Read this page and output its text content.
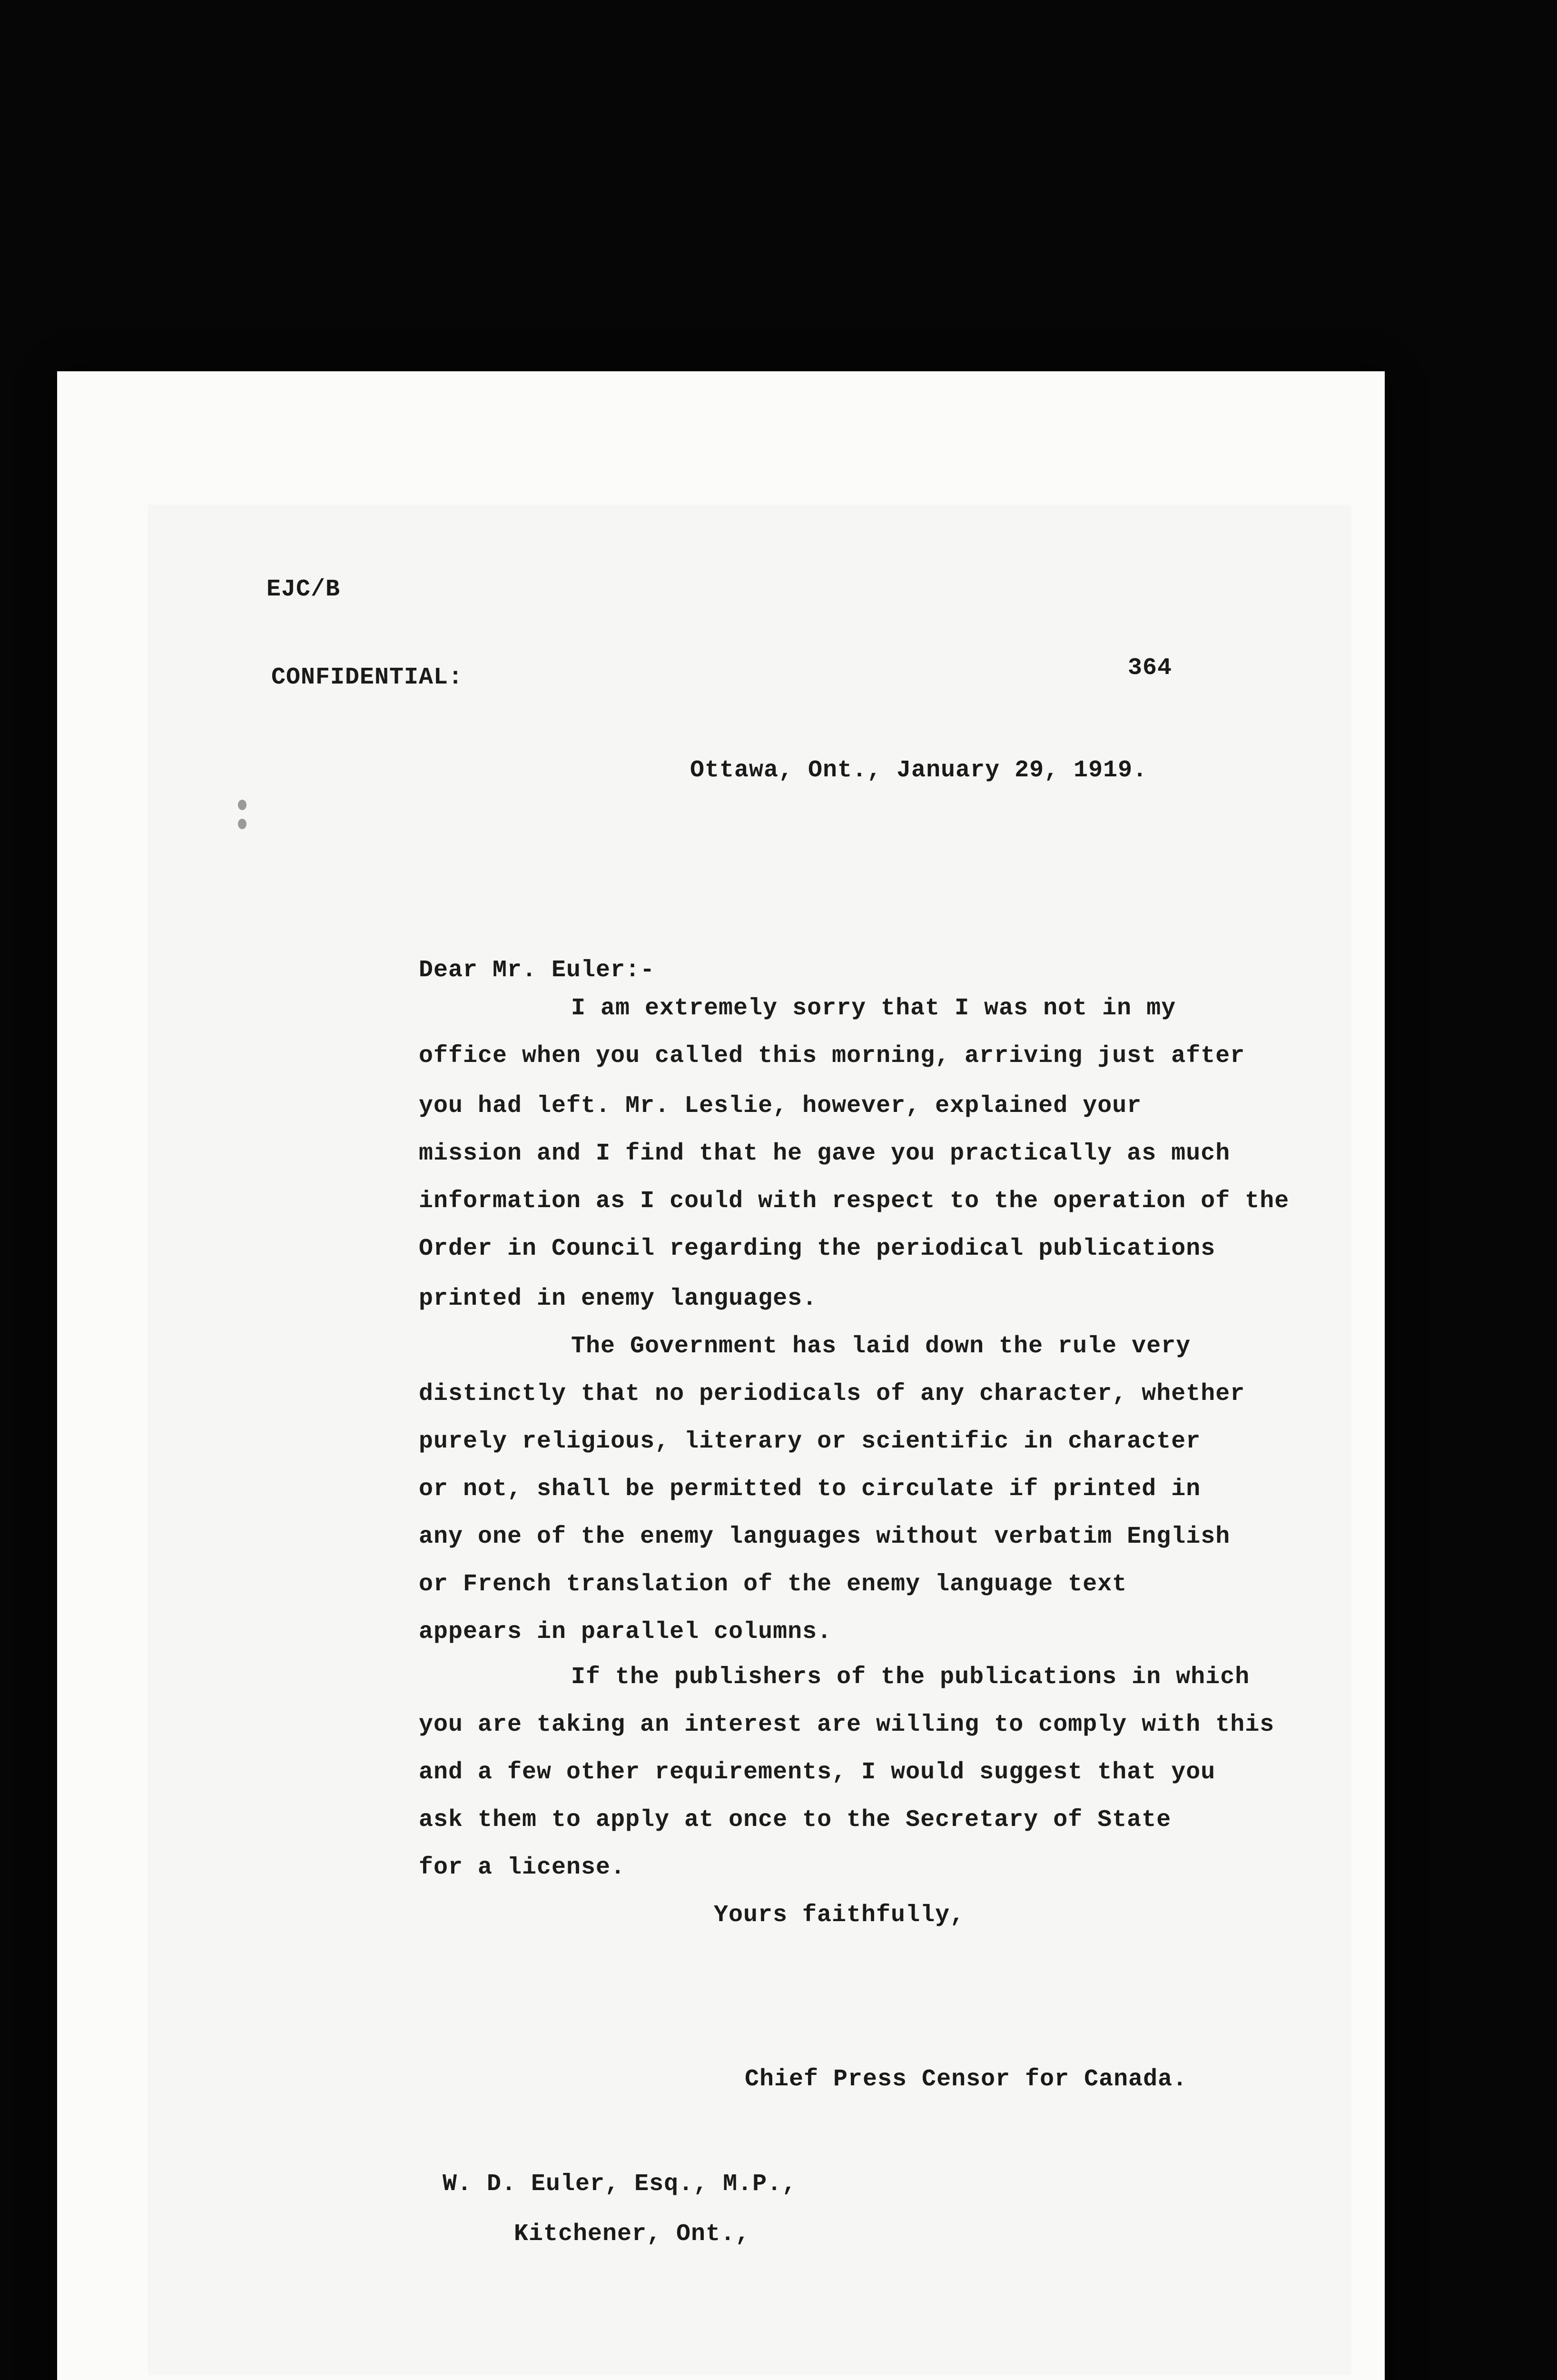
EJC/B
CONFIDENTIAL:	364
Ottawa, Ont., January 29, 1919.
Dear Mr. Euler:-
I am extremely sorry that I was not in my
office when you called this morning, arriving just after
you had left. Mr. Leslie, however, explained your
mission and I find that he gave you practically as much
information as I could with respect to the operation of the
Order in Council regarding the periodical publications
printed in enemy languages.
The Government has laid down the rule very
distinctly that no periodicals of any character, whether
purely religious, literary or scientific in character
or not, shall be permitted to circulate if printed in
any one of the enemy languages without verbatim English
or French translation of the enemy language text
appears in parallel columns.
If the publishers of the publications in which
you are taking an interest are willing to comply with this
and a few other requirements, I would suggest that you
ask them to apply at once to the Secretary of State
for a license.
Yours faithfully,
Chief Press Censor for Canada.
W. D. Euler, Esq., M.P.,
Kitchener, Ont.,
